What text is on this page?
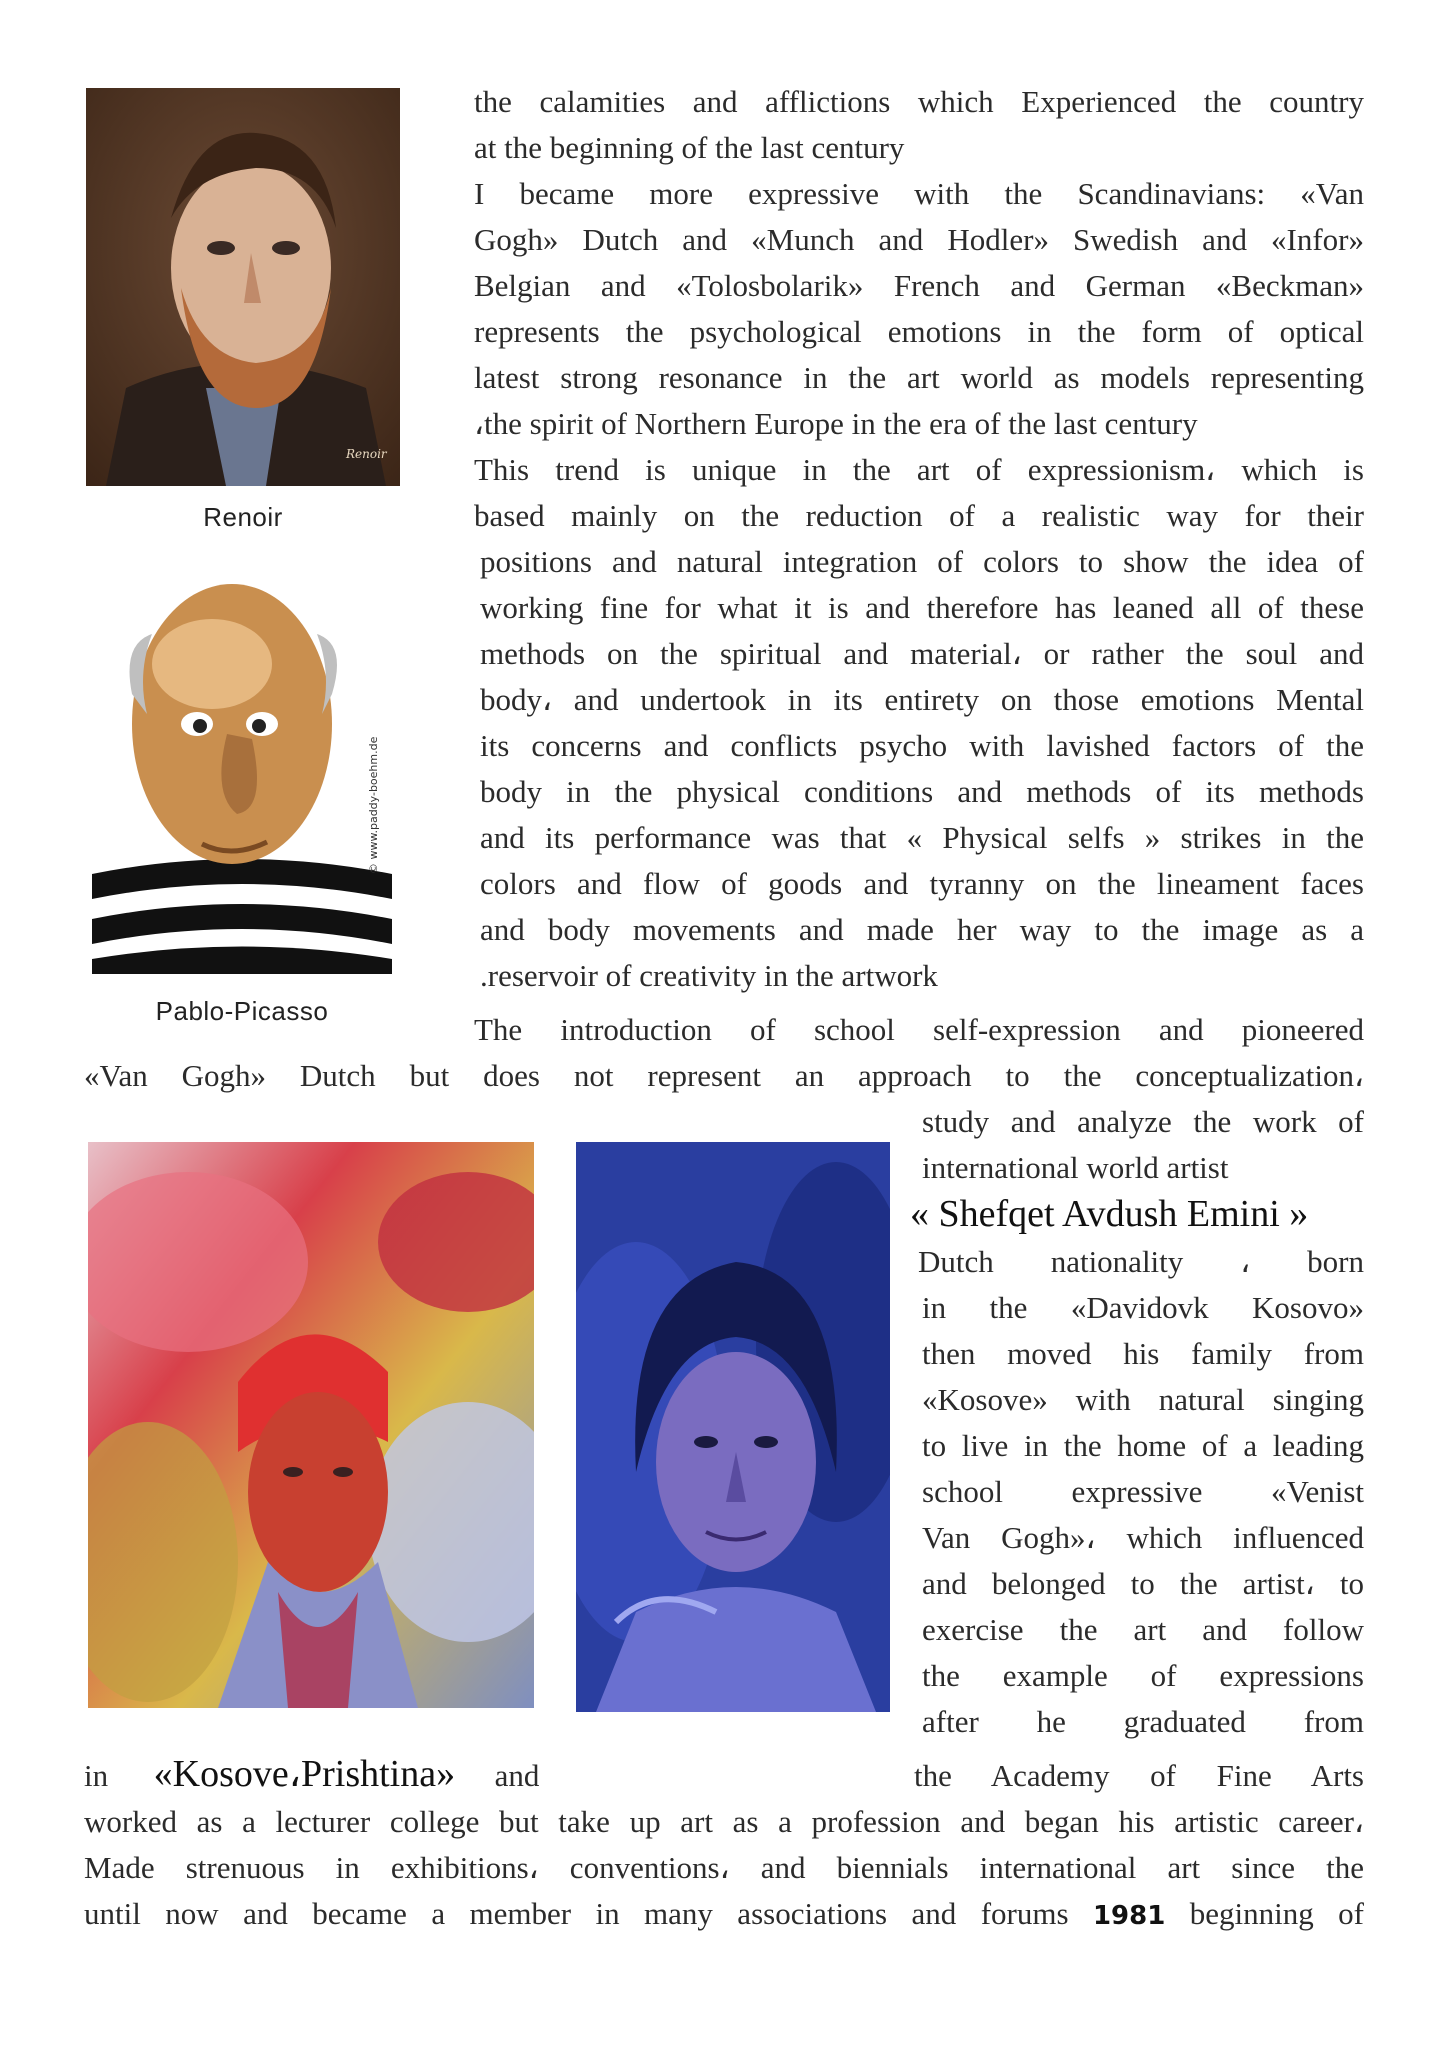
Renoir
Renoir
© www.paddy-boehm.de
Pablo-Picasso
the calamities and afflictions which Experienced the country
at the beginning of the last century
I became more expressive with the Scandinavians: «Van
Gogh» Dutch and «Munch and Hodler» Swedish and «Infor»
Belgian and «Tolosbolarik» French and German «Beckman»
represents the psychological emotions in the form of optical
latest strong resonance in the art world as models representing
،the spirit of Northern Europe in the era of the last century
This trend is unique in the art of expressionism، which is
based mainly on the reduction of a realistic way for their
positions and natural integration of colors to show the idea of
working fine for what it is and therefore has leaned all of these
methods on the spiritual and material، or rather the soul and
body، and undertook in its entirety on those emotions Mental
its concerns and conflicts psycho with lavished factors of the
body in the physical conditions and methods of its methods
and its performance was that « Physical selfs » strikes in the
colors and flow of goods and tyranny on the lineament faces
and body movements and made her way to the image as a
.reservoir of creativity in the artwork
The introduction of school self-expression and pioneered
«Van Gogh» Dutch but does not represent an approach to the conceptualization،
study and analyze the work of
international world artist
« Shefqet Avdush Emini »
Dutch nationality ، born
in the «Davidovk Kosovo»
then moved his family from
«Kosove» with natural singing
to live in the home of a leading
school expressive «Venist
Van Gogh»، which influenced
and belonged to the artist، to
exercise the art and follow
the example of expressions
after he graduated from
in «Kosove،Prishtina» and	the Academy of Fine Arts
worked as a lecturer college but take up art as a profession and began his artistic career،
Made strenuous in exhibitions، conventions، and biennials international art since the
until now and became a member in many associations and forums 1981 beginning of
